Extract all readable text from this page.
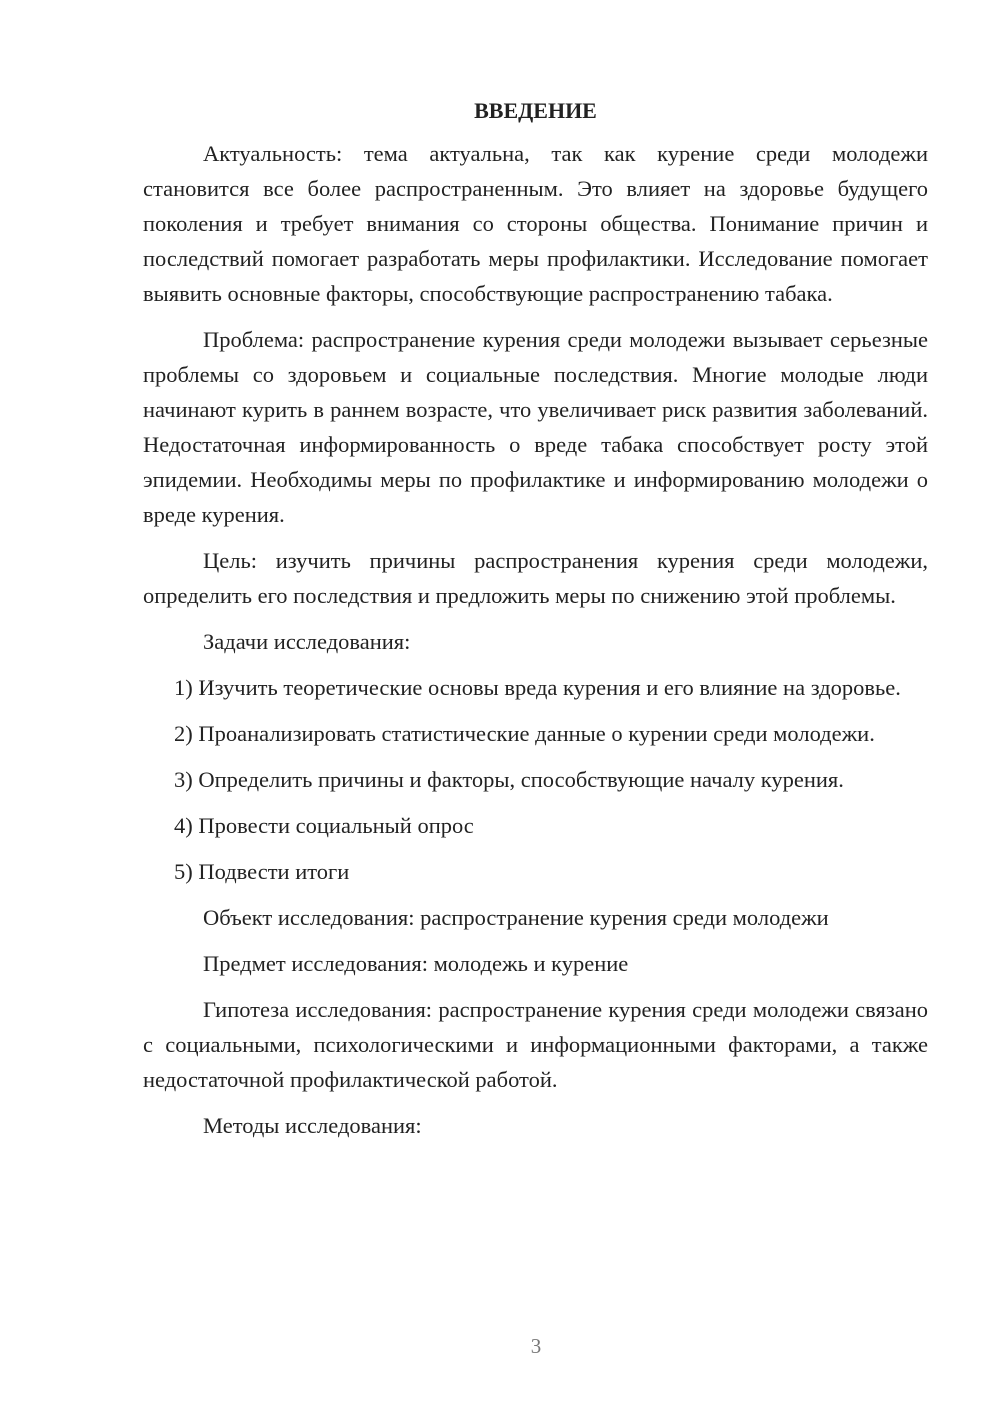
ВВЕДЕНИЕ

Актуальность: тема актуальна, так как курение среди молодежи становится все более распространенным. Это влияет на здоровье будущего поколения и требует внимания со стороны общества. Понимание причин и последствий помогает разработать меры профилактики. Исследование помогает выявить основные факторы, способствующие распространению табака.

Проблема: распространение курения среди молодежи вызывает серьезные проблемы со здоровьем и социальные последствия. Многие молодые люди начинают курить в раннем возрасте, что увеличивает риск развития заболеваний. Недостаточная информированность о вреде табака способствует росту этой эпидемии. Необходимы меры по профилактике и информированию молодежи о вреде курения.

Цель: изучить причины распространения курения среди молодежи, определить его последствия и предложить меры по снижению этой проблемы.

Задачи исследования:

1) Изучить теоретические основы вреда курения и его влияние на здоровье.

2) Проанализировать статистические данные о курении среди молодежи.

3) Определить причины и факторы, способствующие началу курения.

4) Провести социальный опрос

5) Подвести итоги

Объект исследования: распространение курения среди молодежи

Предмет исследования: молодежь и курение

Гипотеза исследования: распространение курения среди молодежи связано с социальными, психологическими и информационными факторами, а также недостаточной профилактической работой.

Методы исследования:

3
